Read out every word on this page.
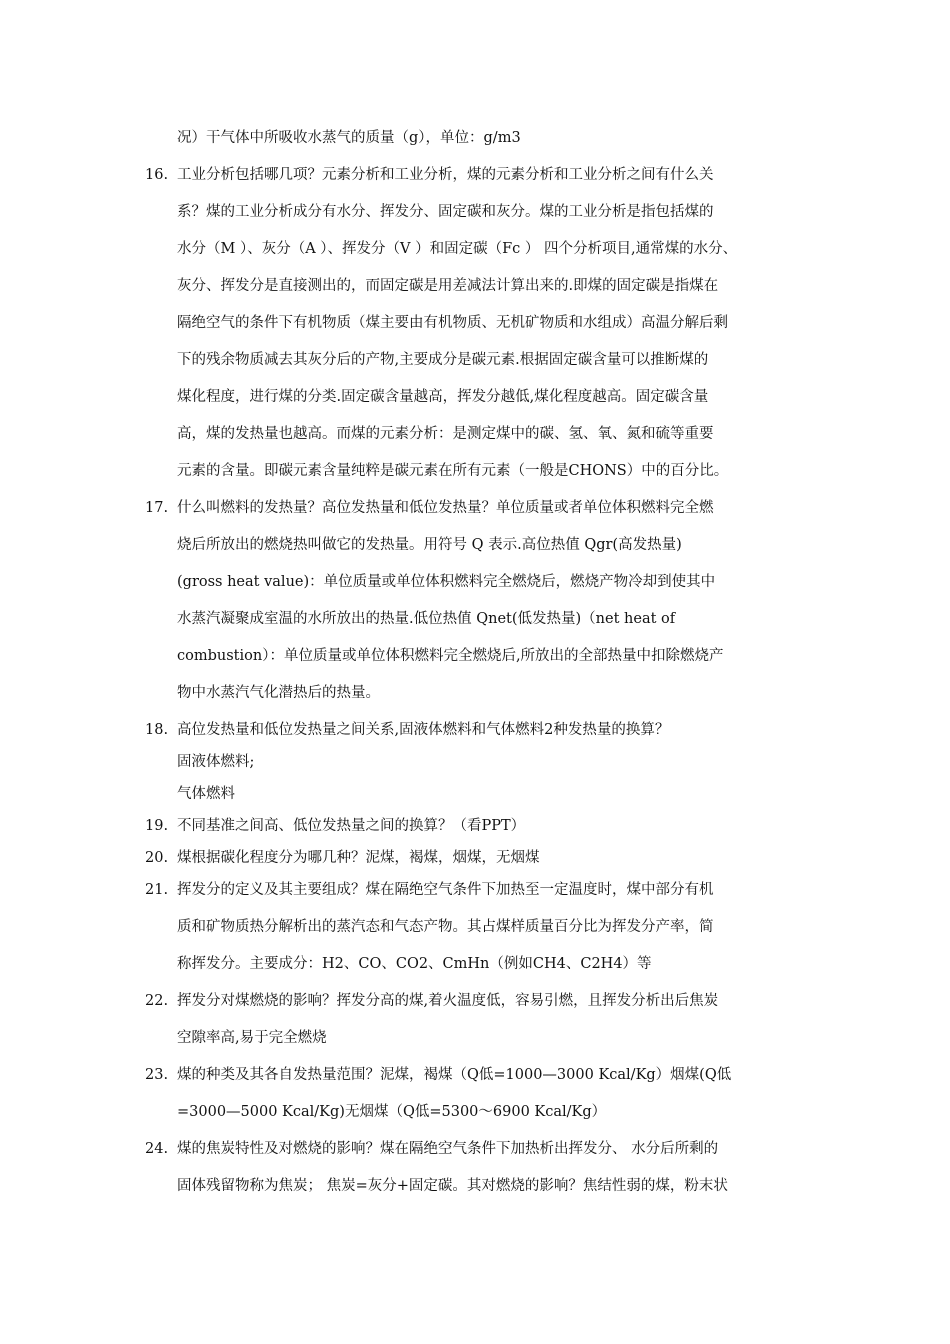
况）干气体中所吸收水蒸气的质量（g），单位：g/m3
16. 工业分析包括哪几项？元素分析和工业分析，煤的元素分析和工业分析之间有什么关
系？煤的工业分析成分有水分、挥发分、固定碳和灰分。煤的工业分析是指包括煤的
水分（M ）、灰分（A ）、挥发分（V ）和固定碳（Fc ） 四个分析项目,通常煤的水分、
灰分、挥发分是直接测出的，而固定碳是用差减法计算出来的.即煤的固定碳是指煤在
隔绝空气的条件下有机物质（煤主要由有机物质、无机矿物质和水组成）高温分解后剩
下的残余物质减去其灰分后的产物,主要成分是碳元素.根据固定碳含量可以推断煤的
煤化程度，进行煤的分类.固定碳含量越高，挥发分越低,煤化程度越高。固定碳含量
高，煤的发热量也越高。而煤的元素分析：是测定煤中的碳、氢、氧、氮和硫等重要
元素的含量。即碳元素含量纯粹是碳元素在所有元素（一般是CHONS）中的百分比。
17. 什么叫燃料的发热量？高位发热量和低位发热量？单位质量或者单位体积燃料完全燃
烧后所放出的燃烧热叫做它的发热量。用符号 Q 表示.高位热值 Qgr(高发热量)
(gross heat value)：单位质量或单位体积燃料完全燃烧后，燃烧产物冷却到使其中
水蒸汽凝聚成室温的水所放出的热量.低位热值 Qnet(低发热量)（net heat of
combustion）：单位质量或单位体积燃料完全燃烧后,所放出的全部热量中扣除燃烧产
物中水蒸汽气化潜热后的热量。
18. 高位发热量和低位发热量之间关系,固液体燃料和气体燃料2种发热量的换算？
固液体燃料;
气体燃料
19. 不同基准之间高、低位发热量之间的换算？（看PPT）
20. 煤根据碳化程度分为哪几种？泥煤，褐煤，烟煤，无烟煤
21. 挥发分的定义及其主要组成？煤在隔绝空气条件下加热至一定温度时，煤中部分有机
质和矿物质热分解析出的蒸汽态和气态产物。其占煤样质量百分比为挥发分产率，简
称挥发分。主要成分：H2、CO、CO2、CmHn（例如CH4、C2H4）等
22. 挥发分对煤燃烧的影响？挥发分高的煤,着火温度低，容易引燃，且挥发分析出后焦炭
空隙率高,易于完全燃烧
23. 煤的种类及其各自发热量范围？泥煤，褐煤（Q低=1000—3000 Kcal/Kg）烟煤(Q低
=3000—5000 Kcal/Kg)无烟煤（Q低=5300～6900 Kcal/Kg）
24. 煤的焦炭特性及对燃烧的影响？煤在隔绝空气条件下加热析出挥发分、 水分后所剩的
固体残留物称为焦炭； 焦炭=灰分+固定碳。其对燃烧的影响？焦结性弱的煤，粉末状
